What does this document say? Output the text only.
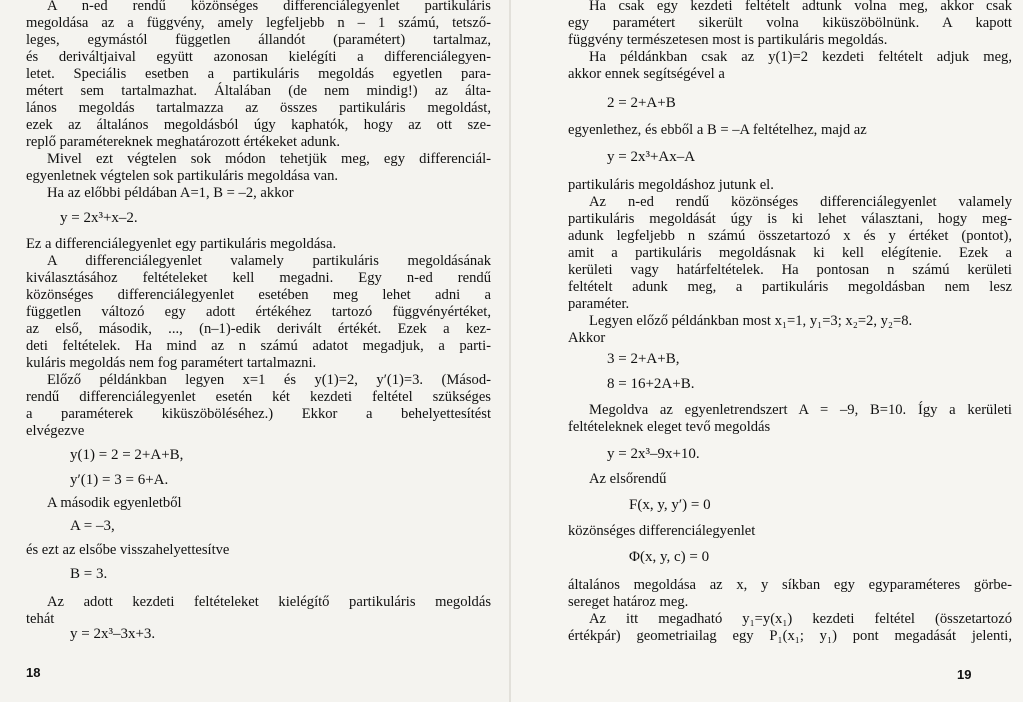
A n-ed rendű közönséges differenciálegyenlet partikuláris
megoldása az a függvény, amely legfeljebb n – 1 számú, tetsző-
leges, egymástól független állandót (paramétert) tartalmaz,
és deriváltjaival együtt azonosan kielégíti a differenciálegyen-
letet. Speciális esetben a partikuláris megoldás egyetlen para-
métert sem tartalmazhat. Általában (de nem mindig!) az álta-
lános megoldás tartalmazza az összes partikuláris megoldást,
ezek az általános megoldásból úgy kaphatók, hogy az ott sze-
replő paramétereknek meghatározott értékeket adunk.
Mivel ezt végtelen sok módon tehetjük meg, egy differenciál-
egyenletnek végtelen sok partikuláris megoldása van.
Ha az előbbi példában A=1, B = –2, akkor
y = 2x³+x–2.
Ez a differenciálegyenlet egy partikuláris megoldása.
A differenciálegyenlet valamely partikuláris megoldásának
kiválasztásához feltételeket kell megadni. Egy n-ed rendű
közönséges differenciálegyenlet esetében meg lehet adni a
független változó egy adott értékéhez tartozó függvényértéket,
az első, második, ..., (n–1)-edik derivált értékét. Ezek a kez-
deti feltételek. Ha mind az n számú adatot megadjuk, a parti-
kuláris megoldás nem fog paramétert tartalmazni.
Előző példánkban legyen x=1 és y(1)=2, y′(1)=3. (Másod-
rendű differenciálegyenlet esetén két kezdeti feltétel szükséges
a paraméterek kiküszöböléséhez.) Ekkor a behelyettesítést
elvégezve
y(1) = 2 = 2+A+B,
y′(1) = 3 = 6+A.
A második egyenletből
A = –3,
és ezt az elsőbe visszahelyettesítve
B = 3.
Az adott kezdeti feltételeket kielégítő partikuláris megoldás
tehát
y = 2x³–3x+3.
18
Ha csak egy kezdeti feltételt adtunk volna meg, akkor csak
egy paramétert sikerült volna kiküszöbölnünk. A kapott
függvény természetesen most is partikuláris megoldás.
Ha példánkban csak az y(1)=2 kezdeti feltételt adjuk meg,
akkor ennek segítségével a
2 = 2+A+B
egyenlethez, és ebből a B = –A feltételhez, majd az
y = 2x³+Ax–A
partikuláris megoldáshoz jutunk el.
Az n-ed rendű közönséges differenciálegyenlet valamely
partikuláris megoldását úgy is ki lehet választani, hogy meg-
adunk legfeljebb n számú összetartozó x és y értéket (pontot),
amit a partikuláris megoldásnak ki kell elégítenie. Ezek a
kerületi vagy határfeltételek. Ha pontosan n számú kerületi
feltételt adunk meg, a partikuláris megoldásban nem lesz
paraméter.
Legyen előző példánkban most x₁=1, y₁=3; x₂=2, y₂=8.
Akkor
3 = 2+A+B,
8 = 16+2A+B.
Megoldva az egyenletrendszert A = –9, B=10. Így a kerületi
feltételeknek eleget tevő megoldás
y = 2x³–9x+10.
Az elsőrendű
F(x, y, y′) = 0
közönséges differenciálegyenlet
Φ(x, y, c) = 0
általános megoldása az x, y síkban egy egyparaméteres görbe-
sereget határoz meg.
Az itt megadható y₁=y(x₁) kezdeti feltétel (összetartozó
értékpár) geometriailag egy P₁(x₁; y₁) pont megadását jelenti,
19
